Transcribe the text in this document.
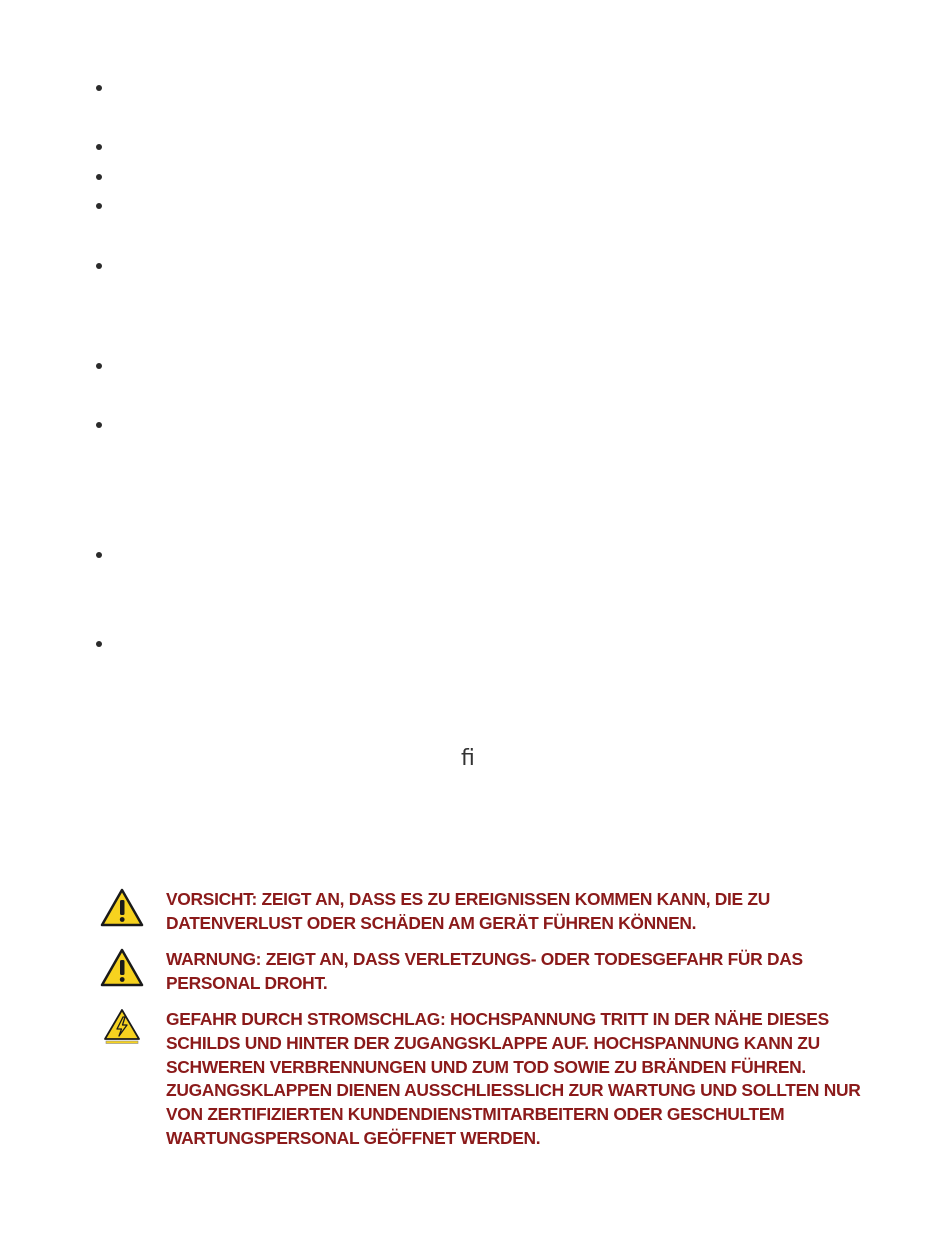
ﬁ
VORSICHT: ZEIGT AN, DASS ES ZU EREIGNISSEN KOMMEN KANN, DIE ZU DATENVERLUST ODER SCHÄDEN AM GERÄT FÜHREN KÖNNEN.
WARNUNG: ZEIGT AN, DASS VERLETZUNGS- ODER TODESGEFAHR FÜR DAS PERSONAL DROHT.
GEFAHR DURCH STROMSCHLAG: HOCHSPANNUNG TRITT IN DER NÄHE DIESES SCHILDS UND HINTER DER ZUGANGSKLAPPE AUF. HOCHSPANNUNG KANN ZU SCHWEREN VERBRENNUNGEN UND ZUM TOD SOWIE ZU BRÄNDEN FÜHREN. ZUGANGSKLAPPEN DIENEN AUSSCHLIESSLICH ZUR WARTUNG UND SOLLTEN NUR VON ZERTIFIZIERTEN KUNDENDIENSTMITARBEITERN ODER GESCHULTEM WARTUNGSPERSONAL GEÖFFNET WERDEN.
